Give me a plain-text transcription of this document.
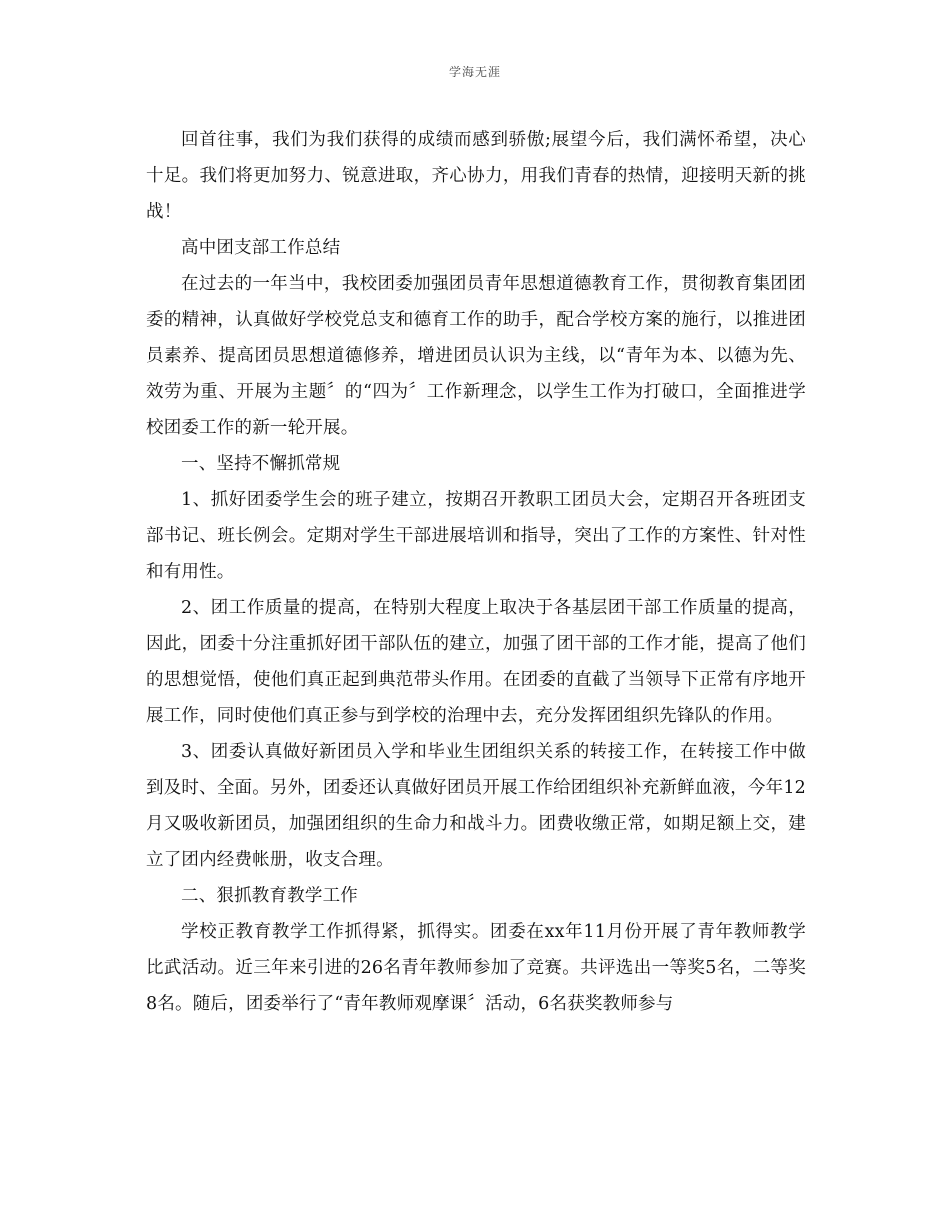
学海无涯

回首往事，我们为我们获得的成绩而感到骄傲;展望今后，我们满怀希望，决心十足。我们将更加努力、锐意进取，齐心协力，用我们青春的热情，迎接明天新的挑战！

高中团支部工作总结

在过去的一年当中，我校团委加强团员青年思想道德教育工作，贯彻教育集团团委的精神，认真做好学校党总支和德育工作的助手，配合学校方案的施行，以推进团员素养、提高团员思想道德修养，增进团员认识为主线，以“青年为本、以德为先、效劳为重、开展为主题〞的“四为〞工作新理念，以学生工作为打破口，全面推进学校团委工作的新一轮开展。

一、坚持不懈抓常规

1、抓好团委学生会的班子建立，按期召开教职工团员大会，定期召开各班团支部书记、班长例会。定期对学生干部进展培训和指导，突出了工作的方案性、针对性和有用性。

2、团工作质量的提高，在特别大程度上取决于各基层团干部工作质量的提高，因此，团委十分注重抓好团干部队伍的建立，加强了团干部的工作才能，提高了他们的思想觉悟，使他们真正起到典范带头作用。在团委的直截了当领导下正常有序地开展工作，同时使他们真正参与到学校的治理中去，充分发挥团组织先锋队的作用。

3、团委认真做好新团员入学和毕业生团组织关系的转接工作，在转接工作中做到及时、全面。另外，团委还认真做好团员开展工作给团组织补充新鲜血液，今年12月又吸收新团员，加强团组织的生命力和战斗力。团费收缴正常，如期足额上交，建立了团内经费帐册，收支合理。

二、狠抓教育教学工作

学校正教育教学工作抓得紧，抓得实。团委在xx年11月份开展了青年教师教学比武活动。近三年来引进的26名青年教师参加了竞赛。共评选出一等奖5名，二等奖8名。随后，团委举行了“青年教师观摩课〞活动，6名获奖教师参与
